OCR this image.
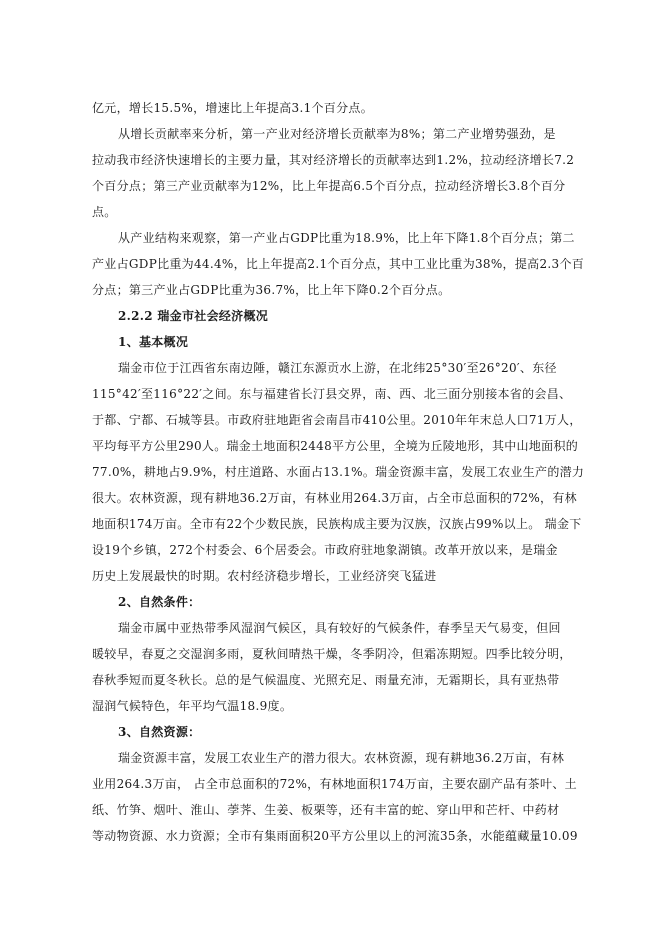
亿元，增长15.5%，增速比上年提高3.1个百分点。
从增长贡献率来分析，第一产业对经济增长贡献率为8%；第二产业增势强劲，是
拉动我市经济快速增长的主要力量，其对经济增长的贡献率达到1.2%，拉动经济增长7.2
个百分点；第三产业贡献率为12%，比上年提高6.5个百分点，拉动经济增长3.8个百分
点。
从产业结构来观察，第一产业占GDP比重为18.9%，比上年下降1.8个百分点；第二
产业占GDP比重为44.4%，比上年提高2.1个百分点，其中工业比重为38%，提高2.3个百
分点；第三产业占GDP比重为36.7%，比上年下降0.2个百分点。
2.2.2 瑞金市社会经济概况
1、基本概况
瑞金市位于江西省东南边陲，赣江东源贡水上游，在北纬25°30′至26°20′、东径
115°42′至116°22′之间。东与福建省长汀县交界，南、西、北三面分别接本省的会昌、
于都、宁都、石城等县。市政府驻地距省会南昌市410公里。2010年年末总人口71万人，
平均每平方公里290人。瑞金土地面积2448平方公里，全境为丘陵地形，其中山地面积的
77.0%，耕地占9.9%，村庄道路、水面占13.1%。瑞金资源丰富，发展工农业生产的潜力
很大。农林资源，现有耕地36.2万亩，有林业用264.3万亩，占全市总面积的72%，有林
地面积174万亩。全市有22个少数民族，民族构成主要为汉族，汉族占99%以上。 瑞金下
设19个乡镇，272个村委会、6个居委会。市政府驻地象湖镇。改革开放以来，是瑞金
历史上发展最快的时期。农村经济稳步增长，工业经济突飞猛进
2、自然条件：
瑞金市属中亚热带季风湿润气候区，具有较好的气候条件，春季呈天气易变，但回
暖较早，春夏之交湿润多雨，夏秋间晴热干燥，冬季阴冷，但霜冻期短。四季比较分明，
春秋季短而夏冬秋长。总的是气候温度、光照充足、雨量充沛，无霜期长，具有亚热带
湿润气候特色，年平均气温18.9度。
3、自然资源：
瑞金资源丰富，发展工农业生产的潜力很大。农林资源，现有耕地36.2万亩，有林
业用264.3万亩， 占全市总面积的72%，有林地面积174万亩，主要农副产品有茶叶、土
纸、竹笋、烟叶、淮山、荸荠、生姜、板栗等，还有丰富的蛇、穿山甲和芒杆、中药材
等动物资源、水力资源；全市有集雨面积20平方公里以上的河流35条，水能蕴藏量10.09
